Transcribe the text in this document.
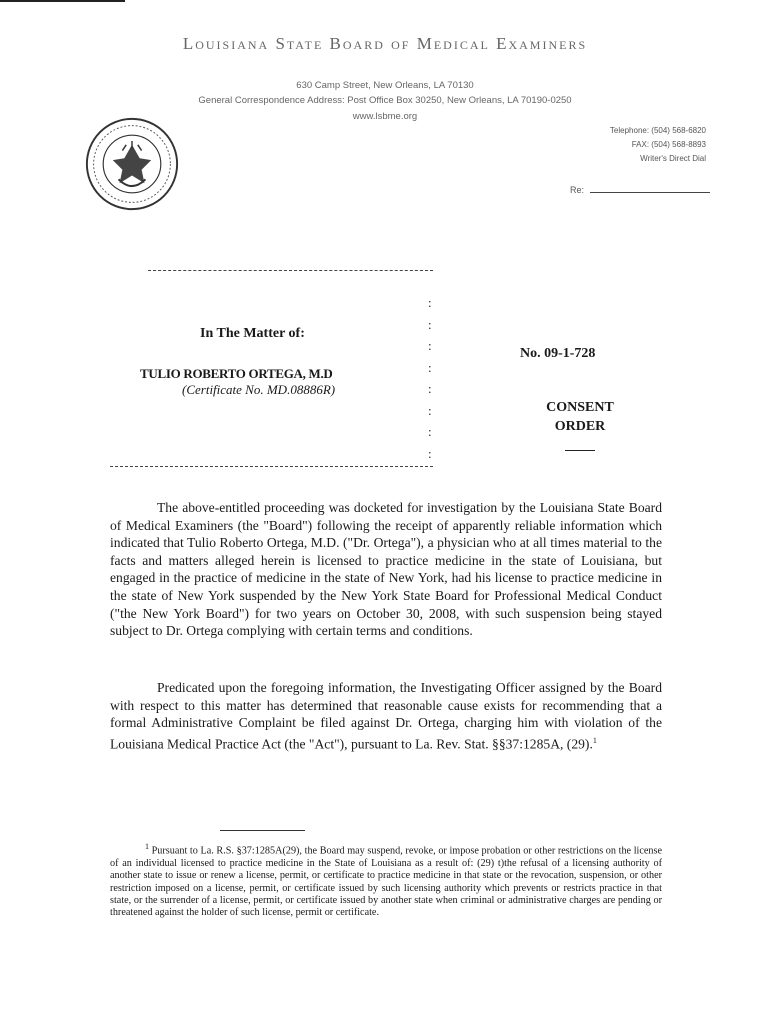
Louisiana State Board of Medical Examiners
630 Camp Street, New Orleans, LA 70130
General Correspondence Address: Post Office Box 30250, New Orleans, LA 70190-0250
www.lsbme.org
Telephone: (504) 568-6820
FAX: (504) 568-8893
Writer's Direct Dial
Re:
:
:
:
:
:
:
:
:
In The Matter of:
TULIO ROBERTO ORTEGA, M.D
(Certificate No. MD.08886R)
No. 09-1-728
CONSENT
ORDER
The above-entitled proceeding was docketed for investigation by the Louisiana State Board of Medical Examiners (the "Board") following the receipt of apparently reliable information which indicated that Tulio Roberto Ortega, M.D. ("Dr. Ortega"), a physician who at all times material to the facts and matters alleged herein is licensed to practice medicine in the state of Louisiana, but engaged in the practice of medicine in the state of New York, had his license to practice medicine in the state of New York suspended by the New York State Board for Professional Medical Conduct ("the New York Board") for two years on October 30, 2008, with such suspension being stayed subject to Dr. Ortega complying with certain terms and conditions.
Predicated upon the foregoing information, the Investigating Officer assigned by the Board with respect to this matter has determined that reasonable cause exists for recommending that a formal Administrative Complaint be filed against Dr. Ortega, charging him with violation of the Louisiana Medical Practice Act (the "Act"), pursuant to La. Rev. Stat. §§37:1285A, (29).$^1$
$^1$ Pursuant to La. R.S. §37:1285A(29), the Board may suspend, revoke, or impose probation or other restrictions on the license of an individual licensed to practice medicine in the State of Louisiana as a result of: (29) t)the refusal of a licensing authority of another state to issue or renew a license, permit, or certificate to practice medicine in that state or the revocation, suspension, or other restriction imposed on a license, permit, or certificate issued by such licensing authority which prevents or restricts practice in that state, or the surrender of a license, permit, or certificate issued by another state when criminal or administrative charges are pending or threatened against the holder of such license, permit or certificate.
